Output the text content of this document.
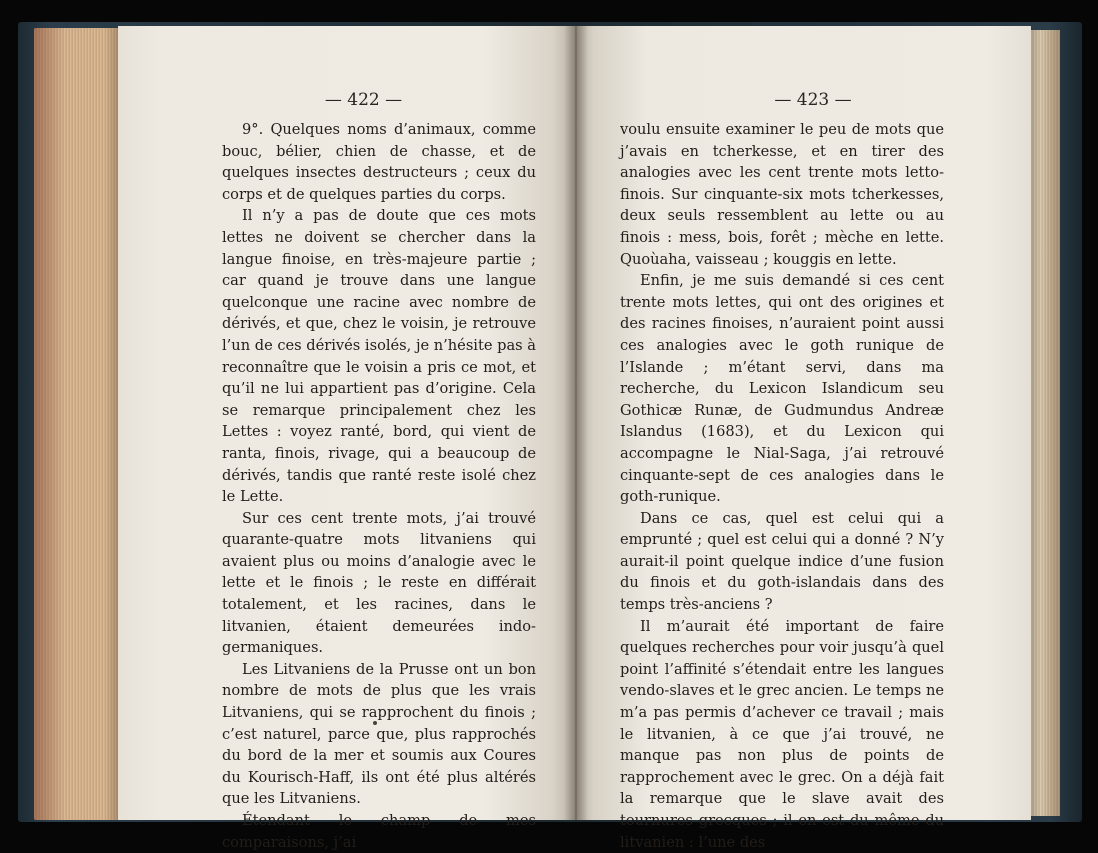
— 422 —

9°. Quelques noms d’animaux, comme bouc, bélier, chien de chasse, et de quelques insectes destructeurs ; ceux du corps et de quelques parties du corps.

Il n’y a pas de doute que ces mots lettes ne doivent se chercher dans la langue finoise, en très-majeure partie ; car quand je trouve dans une langue quelconque une racine avec nombre de dérivés, et que, chez le voisin, je retrouve l’un de ces dérivés isolés, je n’hésite pas à reconnaître que le voisin a pris ce mot, et qu’il ne lui appartient pas d’origine. Cela se remarque principalement chez les Lettes : voyez ranté, bord, qui vient de ranta, finois, rivage, qui a beaucoup de dérivés, tandis que ranté reste isolé chez le Lette.

Sur ces cent trente mots, j’ai trouvé quarante-quatre mots litvaniens qui avaient plus ou moins d’analogie avec le lette et le finois ; le reste en différait totalement, et les racines, dans le litvanien, étaient demeurées indo-germaniques.

Les Litvaniens de la Prusse ont un bon nombre de mots de plus que les vrais Litvaniens, qui se rapprochent du finois ; c’est naturel, parce que, plus rapprochés du bord de la mer et soumis aux Coures du Kourisch-Haff, ils ont été plus altérés que les Litvaniens.

Étendant le champ de mes comparaisons, j’ai

— 423 —

voulu ensuite examiner le peu de mots que j’avais en tcherkesse, et en tirer des analogies avec les cent trente mots letto-finois. Sur cinquante-six mots tcherkesses, deux seuls ressemblent au lette ou au finois : mess, bois, forêt ; mèche en lette. Quoùaha, vaisseau ; kouggis en lette.

Enfin, je me suis demandé si ces cent trente mots lettes, qui ont des origines et des racines finoises, n’auraient point aussi ces analogies avec le goth runique de l’Islande ; m’étant servi, dans ma recherche, du Lexicon Islandicum seu Gothicæ Runæ, de Gudmundus Andreæ Islandus (1683), et du Lexicon qui accompagne le Nial-Saga, j’ai retrouvé cinquante-sept de ces analogies dans le goth-runique.

Dans ce cas, quel est celui qui a emprunté ; quel est celui qui a donné ? N’y aurait-il point quelque indice d’une fusion du finois et du goth-islandais dans des temps très-anciens ?

Il m’aurait été important de faire quelques recherches pour voir jusqu’à quel point l’affinité s’étendait entre les langues vendo-slaves et le grec ancien. Le temps ne m’a pas permis d’achever ce travail ; mais le litvanien, à ce que j’ai trouvé, ne manque pas non plus de points de rapprochement avec le grec. On a déjà fait la remarque que le slave avait des tournures grecques ; il en est du même du litvanien : l’une des
